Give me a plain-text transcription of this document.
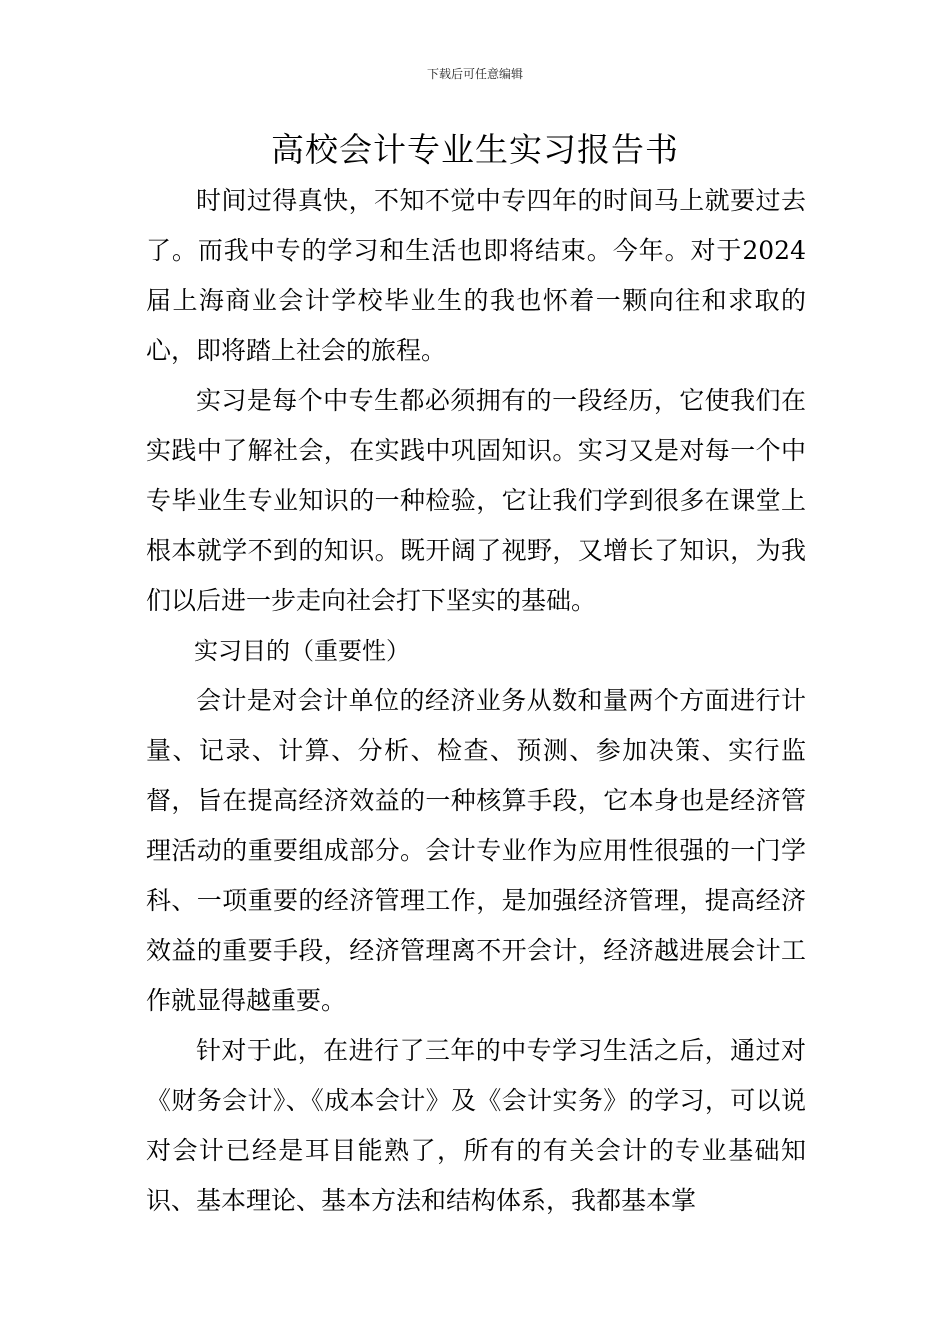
下载后可任意编辑
高校会计专业生实习报告书

时间过得真快，不知不觉中专四年的时间马上就要过去了。而我中专的学习和生活也即将结束。今年。对于2024届上海商业会计学校毕业生的我也怀着一颗向往和求取的心，即将踏上社会的旅程。

实习是每个中专生都必须拥有的一段经历，它使我们在实践中了解社会，在实践中巩固知识。实习又是对每一个中专毕业生专业知识的一种检验，它让我们学到很多在课堂上根本就学不到的知识。既开阔了视野，又增长了知识，为我们以后进一步走向社会打下坚实的基础。

实习目的（重要性）

会计是对会计单位的经济业务从数和量两个方面进行计量、记录、计算、分析、检查、预测、参加决策、实行监督，旨在提高经济效益的一种核算手段，它本身也是经济管理活动的重要组成部分。会计专业作为应用性很强的一门学科、一项重要的经济管理工作，是加强经济管理，提高经济效益的重要手段，经济管理离不开会计，经济越进展会计工作就显得越重要。

针对于此，在进行了三年的中专学习生活之后，通过对《财务会计》、《成本会计》及《会计实务》的学习，可以说对会计已经是耳目能熟了，所有的有关会计的专业基础知识、基本理论、基本方法和结构体系，我都基本掌
